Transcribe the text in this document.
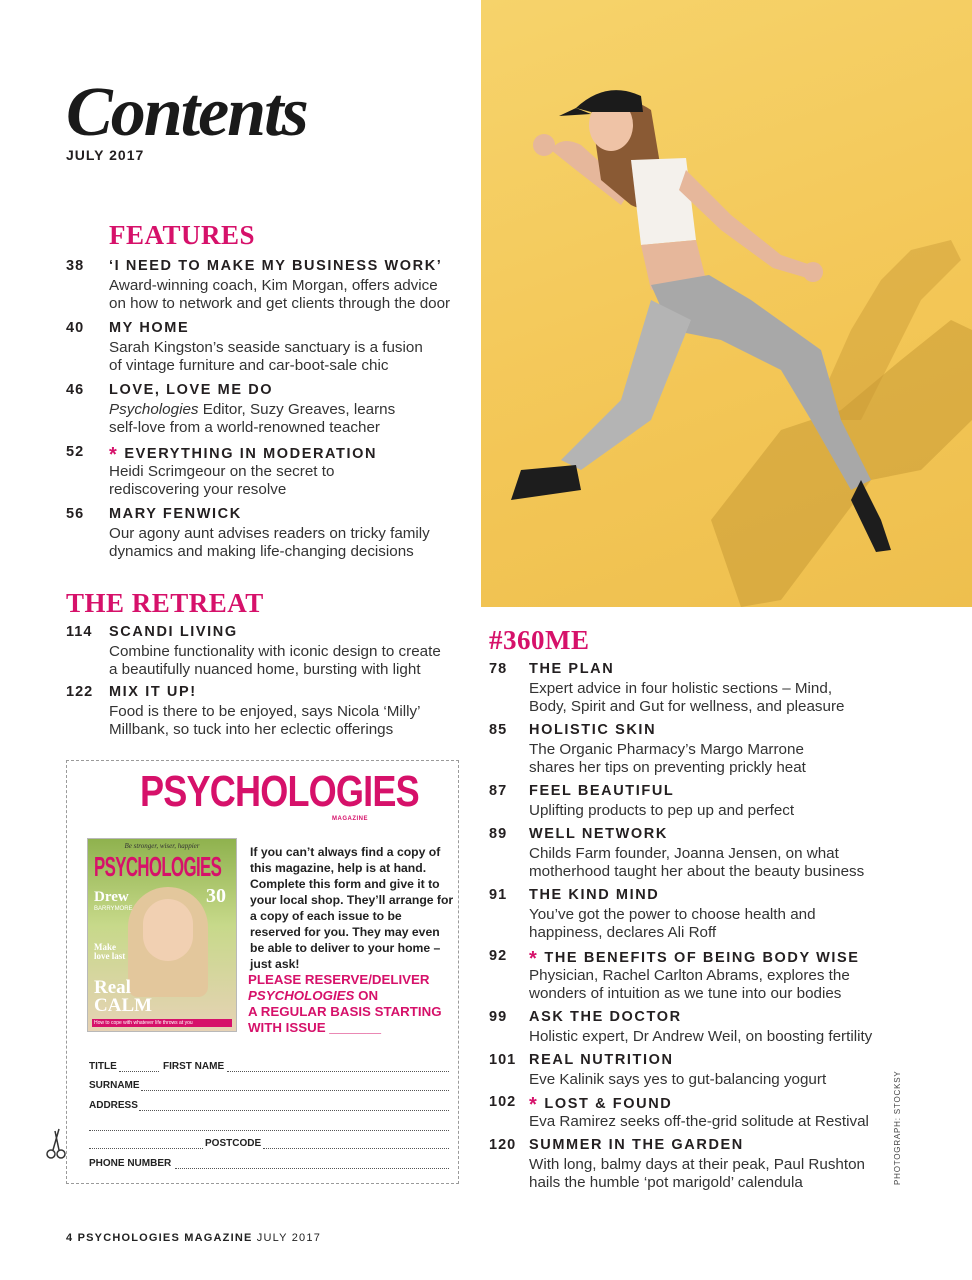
Contents
JULY 2017
FEATURES
38 ‘I NEED TO MAKE MY BUSINESS WORK’
Award-winning coach, Kim Morgan, offers advice
on how to network and get clients through the door
40 MY HOME
Sarah Kingston’s seaside sanctuary is a fusion
of vintage furniture and car-boot-sale chic
46 LOVE, LOVE ME DO
Psychologies Editor, Suzy Greaves, learns
self-love from a world-renowned teacher
52 * EVERYTHING IN MODERATION
Heidi Scrimgeour on the secret to
rediscovering your resolve
56 MARY FENWICK
Our agony aunt advises readers on tricky family
dynamics and making life-changing decisions
THE RETREAT
114 SCANDI LIVING
Combine functionality with iconic design to create
a beautifully nuanced home, bursting with light
122 MIX IT UP!
Food is there to be enjoyed, says Nicola ‘Milly’
Millbank, so tuck into her eclectic offerings
#360ME
78 THE PLAN
Expert advice in four holistic sections – Mind,
Body, Spirit and Gut for wellness, and pleasure
85 HOLISTIC SKIN
The Organic Pharmacy’s Margo Marrone
shares her tips on preventing prickly heat
87 FEEL BEAUTIFUL
Uplifting products to pep up and perfect
89 WELL NETWORK
Childs Farm founder, Joanna Jensen, on what
motherhood taught her about the beauty business
91 THE KIND MIND
You’ve got the power to choose health and
happiness, declares Ali Roff
92 * THE BENEFITS OF BEING BODY WISE
Physician, Rachel Carlton Abrams, explores the
wonders of intuition as we tune into our bodies
99 ASK THE DOCTOR
Holistic expert, Dr Andrew Weil, on boosting fertility
101 REAL NUTRITION
Eve Kalinik says yes to gut-balancing yogurt
102 * LOST & FOUND
Eva Ramirez seeks off-the-grid solitude at Restival
120 SUMMER IN THE GARDEN
With long, balmy days at their peak, Paul Rushton
hails the humble ‘pot marigold’ calendula
PSYCHOLOGIES
MAGAZINE
Be stronger, wiser, happier
PSYCHOLOGIES
Drew
BARRYMORE
30
Make love last
Real
CALM
How to cope with whatever life throws at you
If you can’t always find a copy of this magazine, help is at hand. Complete this form and give it to your local shop. They’ll arrange for a copy of each issue to be reserved for you. They may even be able to deliver to your home – just ask!
PLEASE RESERVE/DELIVER
PSYCHOLOGIES ON
A REGULAR BASIS STARTING
WITH ISSUE _______
TITLE	FIRST NAME
SURNAME
ADDRESS
POSTCODE
PHONE NUMBER
4 PSYCHOLOGIES MAGAZINE JULY 2017
PHOTOGRAPH: STOCKSY
